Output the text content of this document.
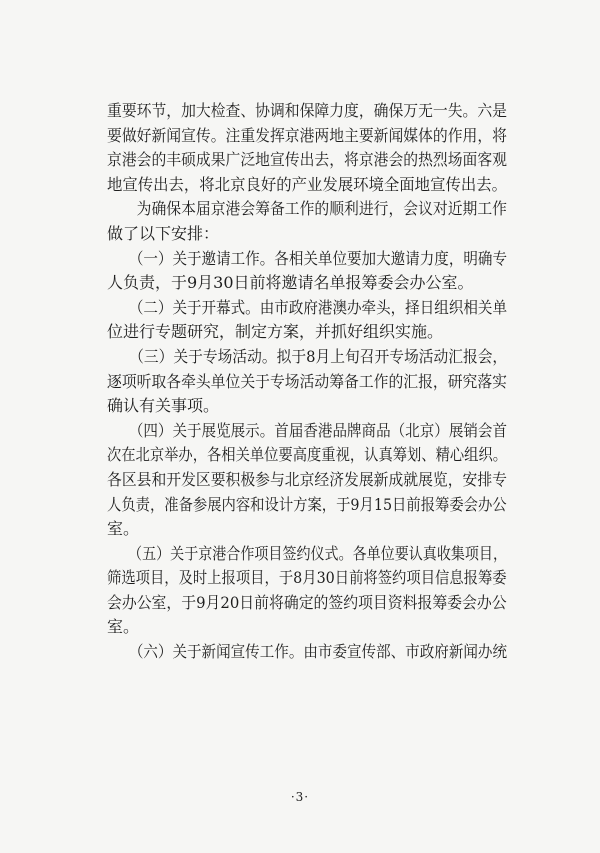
重要环节，加大检查、协调和保障力度，确保万无一失。六是
要做好新闻宣传。注重发挥京港两地主要新闻媒体的作用，将
京港会的丰硕成果广泛地宣传出去，将京港会的热烈场面客观
地宣传出去，将北京良好的产业发展环境全面地宣传出去。
　　为确保本届京港会筹备工作的顺利进行，会议对近期工作
做了以下安排：
　　（一）关于邀请工作。各相关单位要加大邀请力度，明确专
人负责，于9月30日前将邀请名单报筹委会办公室。
　　（二）关于开幕式。由市政府港澳办牵头，择日组织相关单
位进行专题研究，制定方案，并抓好组织实施。
　　（三）关于专场活动。拟于8月上旬召开专场活动汇报会，
逐项听取各牵头单位关于专场活动筹备工作的汇报，研究落实
确认有关事项。
　　（四）关于展览展示。首届香港品牌商品（北京）展销会首
次在北京举办，各相关单位要高度重视，认真筹划、精心组织。
各区县和开发区要积极参与北京经济发展新成就展览，安排专
人负责，准备参展内容和设计方案，于9月15日前报筹委会办公
室。
　　（五）关于京港合作项目签约仪式。各单位要认真收集项目，
筛选项目，及时上报项目，于8月30日前将签约项目信息报筹委
会办公室，于9月20日前将确定的签约项目资料报筹委会办公
室。
　　（六）关于新闻宣传工作。由市委宣传部、市政府新闻办统
·3·
